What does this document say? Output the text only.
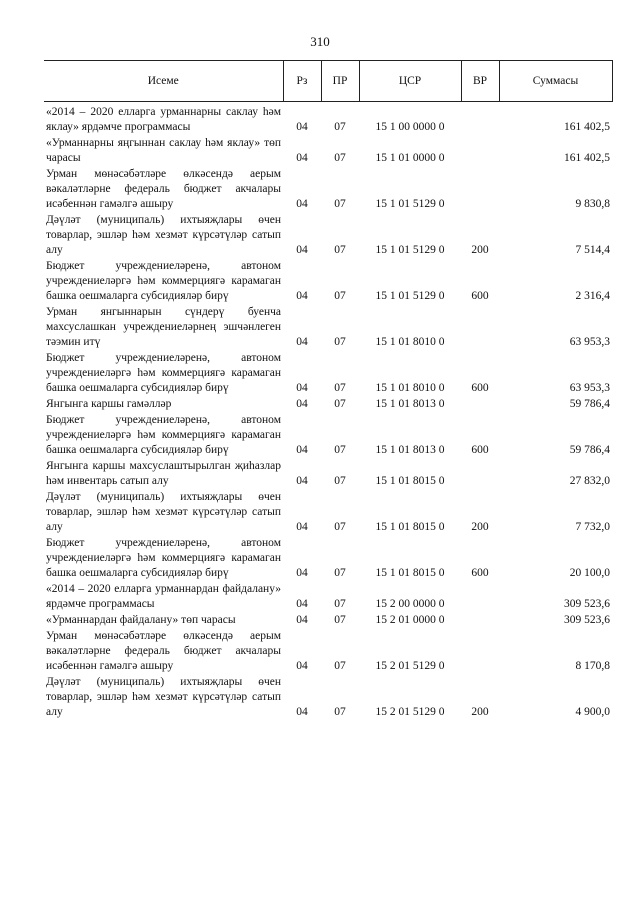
310
Исеме	Рз	ПР	ЦСР	ВР	Суммасы
«2014 – 2020 елларга урманнарны саклау һәм яклау» ярдәмче программасы	04	07	15 1 00 0000 0		161 402,5
«Урманнарны яңгыннан саклау һәм яклау» төп чарасы	04	07	15 1 01 0000 0		161 402,5
Урман мөнәсәбәтләре өлкәсендә аерым вәкаләтләрне федераль бюджет акчалары исәбеннән гамәлгә ашыру	04	07	15 1 01 5129 0		9 830,8
Дәүләт (муниципаль) ихтыяҗлары өчен товарлар, эшләр һәм хезмәт күрсәтүләр сатып алу	04	07	15 1 01 5129 0	200	7 514,4
Бюджет учреждениеләренә, автоном учреждениеләргә һәм коммерциягә карамаган башка оешмаларга субсидияләр бирү	04	07	15 1 01 5129 0	600	2 316,4
Урман янгыннарын сүндерү буенча махсуслашкан учреждениеләрнең эшчәнлеген тәэмин итү	04	07	15 1 01 8010 0		63 953,3
Бюджет учреждениеләренә, автоном учреждениеләргә һәм коммерциягә карамаган башка оешмаларга субсидияләр бирү	04	07	15 1 01 8010 0	600	63 953,3
Янгынга каршы гамәлләр	04	07	15 1 01 8013 0		59 786,4
Бюджет учреждениеләренә, автоном учреждениеләргә һәм коммерциягә карамаган башка оешмаларга субсидияләр бирү	04	07	15 1 01 8013 0	600	59 786,4
Янгынга каршы махсуслаштырылган җиһазлар һәм инвентарь сатып алу	04	07	15 1 01 8015 0		27 832,0
Дәүләт (муниципаль) ихтыяҗлары өчен товарлар, эшләр һәм хезмәт күрсәтүләр сатып алу	04	07	15 1 01 8015 0	200	7 732,0
Бюджет учреждениеләренә, автоном учреждениеләргә һәм коммерциягә карамаган башка оешмаларга субсидияләр бирү	04	07	15 1 01 8015 0	600	20 100,0
«2014 – 2020 елларга урманнардан файдалану» ярдәмче программасы	04	07	15 2 00 0000 0		309 523,6
«Урманнардан файдалану» төп чарасы	04	07	15 2 01 0000 0		309 523,6
Урман мөнәсәбәтләре өлкәсендә аерым вәкаләтләрне федераль бюджет акчалары исәбеннән гамәлгә ашыру	04	07	15 2 01 5129 0		8 170,8
Дәүләт (муниципаль) ихтыяҗлары өчен товарлар, эшләр һәм хезмәт күрсәтүләр сатып алу	04	07	15 2 01 5129 0	200	4 900,0
